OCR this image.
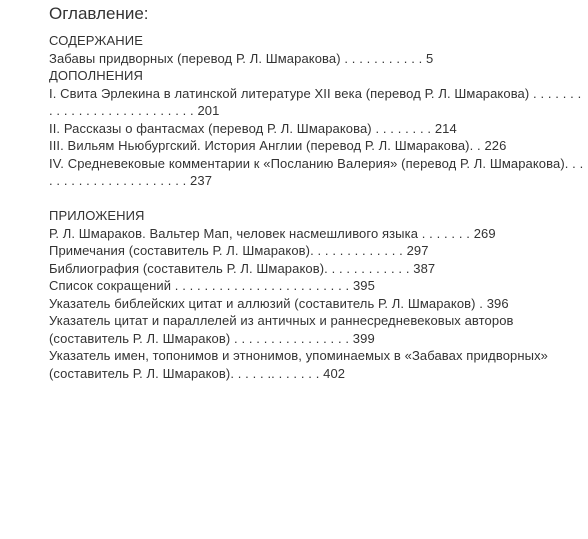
Оглавление:
СОДЕРЖАНИЕ
Забавы придворных (перевод Р. Л. Шмаракова) . . . . . . . . . . . 5
ДОПОЛНЕНИЯ
I. Свита Эрлекина в латинской литературе XII века (перевод Р. Л. Шмаракова) . . . . . . . . . . . . . . . . . . . . . . . . . . . 201
II. Рассказы о фантасмах (перевод Р. Л. Шмаракова) . . . . . . . . 214
III. Вильям Ньюбургский. История Англии (перевод Р. Л. Шмаракова). . 226
IV. Средневековые комментарии к «Посланию Валерия» (перевод Р. Л. Шмаракова). . . . . . . . . . . . . . . . . . . . . . 237
ПРИЛОЖЕНИЯ
Р. Л. Шмараков. Вальтер Мап, человек насмешливого языка . . . . . . . 269
Примечания (составитель Р. Л. Шмараков). . . . . . . . . . . . . 297
Библиография (составитель Р. Л. Шмараков). . . . . . . . . . . . 387
Список сокращений . . . . . . . . . . . . . . . . . . . . . . . . 395
Указатель библейских цитат и аллюзий (составитель Р. Л. Шмараков) . 396
Указатель цитат и параллелей из античных и раннесредневековых авторов (составитель Р. Л. Шмараков) . . . . . . . . . . . . . . . . 399
Указатель имен, топонимов и этнонимов, упоминаемых в «Забавах придворных» (составитель Р. Л. Шмараков). . . . . .. . . . . . . 402
